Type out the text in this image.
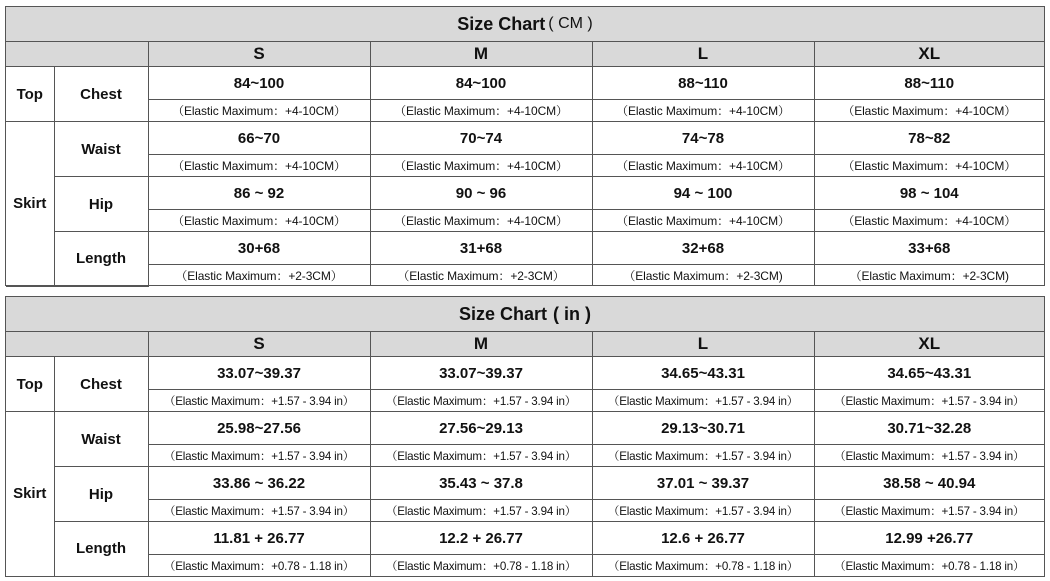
Size Chart ( CM )
		S	M	L	XL
Top	Chest	84~100	84~100	88~110	88~110
		（Elastic Maximum：+4-10CM）	（Elastic Maximum：+4-10CM）	（Elastic Maximum：+4-10CM）	（Elastic Maximum：+4-10CM）
Skirt	Waist	66~70	70~74	74~78	78~82
		（Elastic Maximum：+4-10CM）	（Elastic Maximum：+4-10CM）	（Elastic Maximum：+4-10CM）	（Elastic Maximum：+4-10CM）
	Hip	86 ~ 92	90 ~ 96	94 ~ 100	98 ~ 104
		（Elastic Maximum：+4-10CM）	（Elastic Maximum：+4-10CM）	（Elastic Maximum：+4-10CM）	（Elastic Maximum：+4-10CM）
	Length	30+68	31+68	32+68	33+68
		（Elastic Maximum：+2-3CM）	（Elastic Maximum：+2-3CM）	（Elastic Maximum：+2-3CM)	（Elastic Maximum：+2-3CM)
Size Chart ( in )
		S	M	L	XL
Top	Chest	33.07~39.37	33.07~39.37	34.65~43.31	34.65~43.31
		（Elastic Maximum：+1.57 - 3.94 in）	（Elastic Maximum：+1.57 - 3.94 in）	（Elastic Maximum：+1.57 - 3.94 in）	（Elastic Maximum：+1.57 - 3.94 in）
Skirt	Waist	25.98~27.56	27.56~29.13	29.13~30.71	30.71~32.28
		（Elastic Maximum：+1.57 - 3.94 in）	（Elastic Maximum：+1.57 - 3.94 in）	（Elastic Maximum：+1.57 - 3.94 in）	（Elastic Maximum：+1.57 - 3.94 in）
	Hip	33.86 ~ 36.22	35.43 ~ 37.8	37.01 ~ 39.37	38.58 ~ 40.94
		（Elastic Maximum：+1.57 - 3.94 in）	（Elastic Maximum：+1.57 - 3.94 in）	（Elastic Maximum：+1.57 - 3.94 in）	（Elastic Maximum：+1.57 - 3.94 in）
	Length	11.81 + 26.77	12.2 + 26.77	12.6 + 26.77	12.99 +26.77
		（Elastic Maximum：+0.78 - 1.18 in）	（Elastic Maximum：+0.78 - 1.18 in）	（Elastic Maximum：+0.78 - 1.18 in）	（Elastic Maximum：+0.78 - 1.18 in）
